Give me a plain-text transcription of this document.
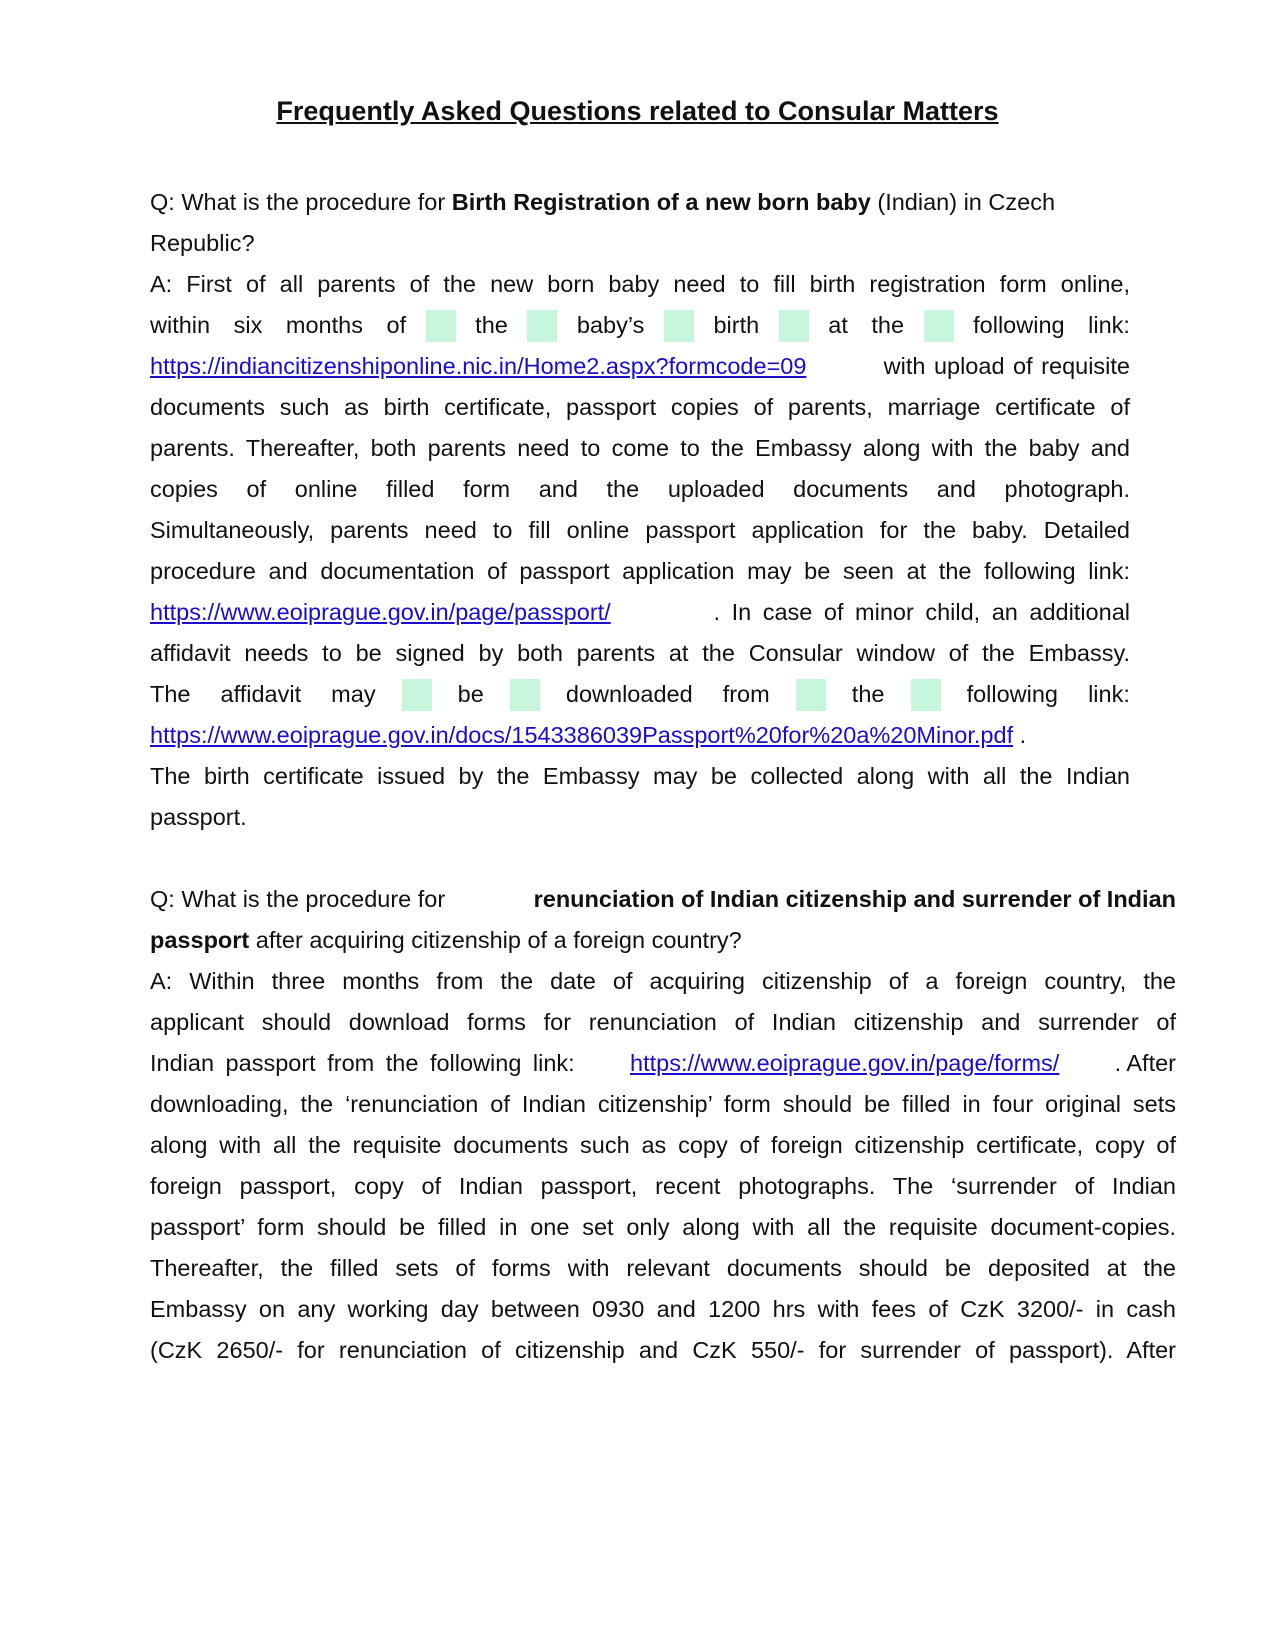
Frequently Asked Questions related to Consular Matters
Q: What is the procedure for Birth Registration of a new born baby (Indian) in Czech
Republic?
A: First of all parents of the new born baby need to fill birth registration form online,
within six months of	the	baby’s	birth	at the	following link:
https://indiancitizenshiponline.nic.in/Home2.aspx?formcode=09	with upload of requisite
documents such as birth certificate, passport copies of parents, marriage certificate of
parents. Thereafter, both parents need to come to the Embassy along with the baby and
copies of online filled form and the uploaded documents and photograph.
Simultaneously, parents need to fill online passport application for the baby. Detailed
procedure and documentation of passport application may be seen at the following link:
https://www.eoiprague.gov.in/page/passport/	. In case of minor child, an additional
affidavit needs to be signed by both parents at the Consular window of the Embassy.
The affidavit may	be	downloaded from	the	following link:
https://www.eoiprague.gov.in/docs/1543386039Passport%20for%20a%20Minor.pdf .
The birth certificate issued by the Embassy may be collected along with all the Indian
passport.
Q: What is the procedure for	renunciation of Indian citizenship and surrender of Indian
passport after acquiring citizenship of a foreign country?
A: Within three months from the date of acquiring citizenship of a foreign country, the
applicant should download forms for renunciation of Indian citizenship and surrender of
Indian passport from the following link: https://www.eoiprague.gov.in/page/forms/ . After
downloading, the ‘renunciation of Indian citizenship’ form should be filled in four original sets
along with all the requisite documents such as copy of foreign citizenship certificate, copy of
foreign passport, copy of Indian passport, recent photographs. The ‘surrender of Indian
passport’ form should be filled in one set only along with all the requisite document-copies.
Thereafter, the filled sets of forms with relevant documents should be deposited at the
Embassy on any working day between 0930 and 1200 hrs with fees of CzK 3200/- in cash
(CzK 2650/- for renunciation of citizenship and CzK 550/- for surrender of passport). After
